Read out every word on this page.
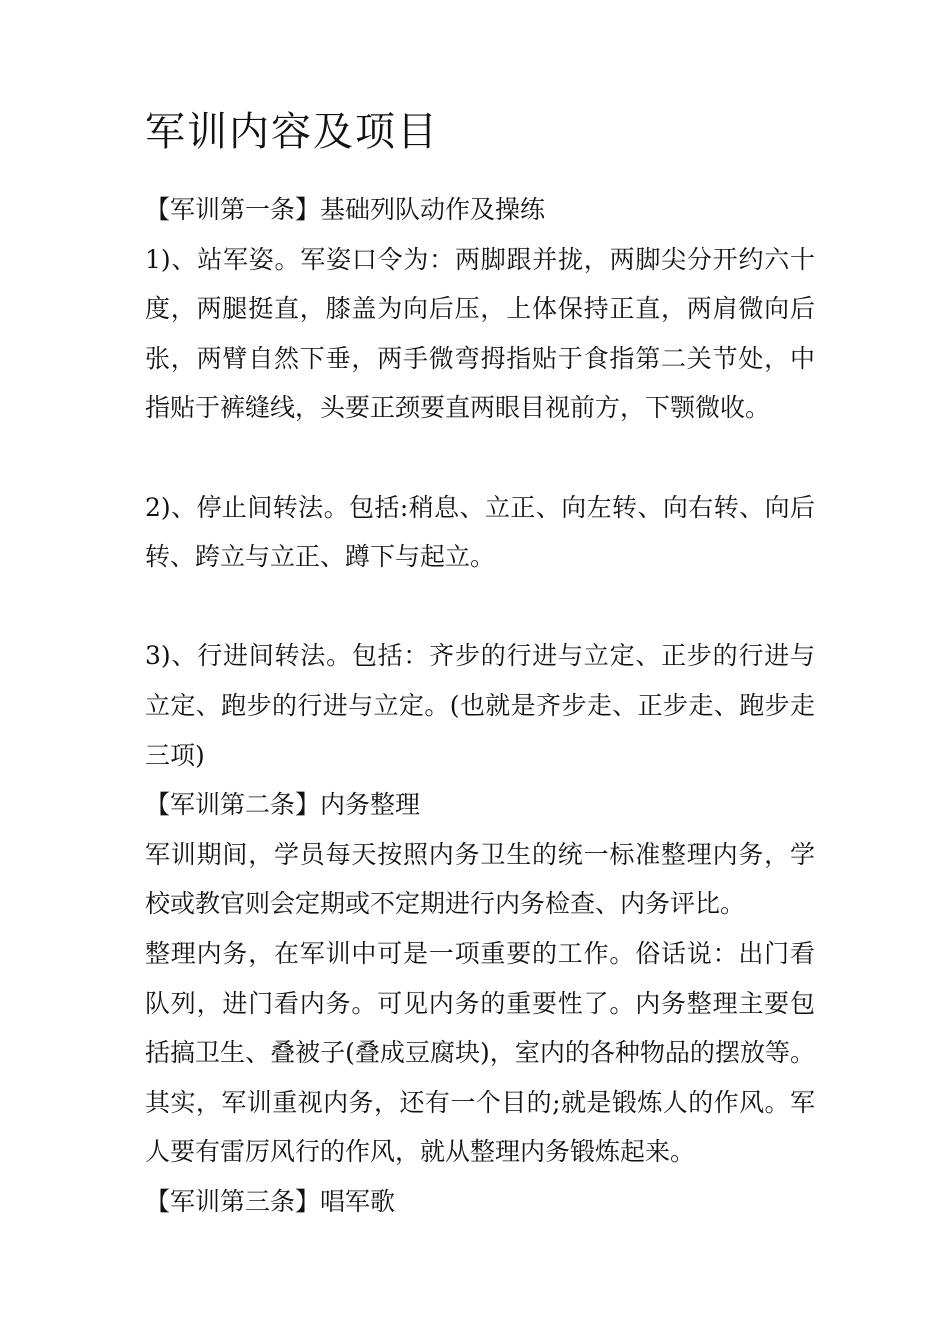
军训内容及项目

【军训第一条】基础列队动作及操练

1)、站军姿。军姿口令为：两脚跟并拢，两脚尖分开约六十度，两腿挺直，膝盖为向后压，上体保持正直，两肩微向后张，两臂自然下垂，两手微弯拇指贴于食指第二关节处，中指贴于裤缝线，头要正颈要直两眼目视前方，下颚微收。

2)、停止间转法。包括:稍息、立正、向左转、向右转、向后转、跨立与立正、蹲下与起立。

3)、行进间转法。包括：齐步的行进与立定、正步的行进与立定、跑步的行进与立定。(也就是齐步走、正步走、跑步走三项)

【军训第二条】内务整理

军训期间，学员每天按照内务卫生的统一标准整理内务，学校或教官则会定期或不定期进行内务检查、内务评比。

整理内务，在军训中可是一项重要的工作。俗话说：出门看队列，进门看内务。可见内务的重要性了。内务整理主要包括搞卫生、叠被子(叠成豆腐块)，室内的各种物品的摆放等。其实，军训重视内务，还有一个目的;就是锻炼人的作风。军人要有雷厉风行的作风，就从整理内务锻炼起来。

【军训第三条】唱军歌
